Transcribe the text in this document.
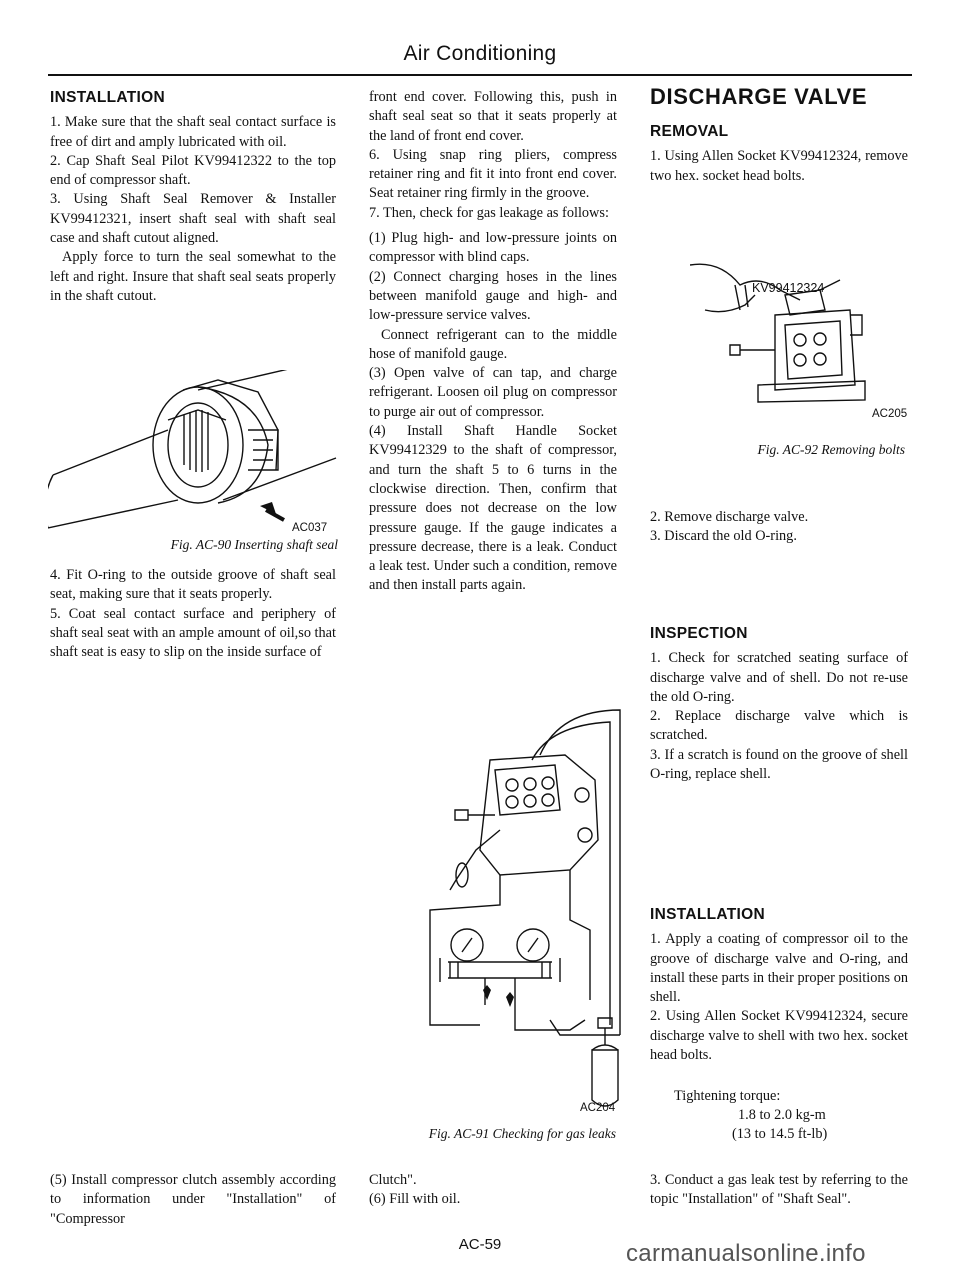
Air Conditioning

INSTALLATION

1. Make sure that the shaft seal contact surface is free of dirt and amply lubricated with oil.

2. Cap Shaft Seal Pilot KV99412322 to the top end of compressor shaft.

3. Using Shaft Seal Remover & Installer KV99412321, insert shaft seal with shaft seal case and shaft cutout aligned.

Apply force to turn the seal somewhat to the left and right. Insure that shaft seal seats properly in the shaft cutout.

AC037
Fig. AC-90 Inserting shaft seal

4. Fit O-ring to the outside groove of shaft seal seat, making sure that it seats properly.

5. Coat seal contact surface and periphery of shaft seal seat with an ample amount of oil,so that shaft seat is easy to slip on the inside surface of

(5) Install compressor clutch assembly according to information under "Installation" of "Compressor

front end cover. Following this, push in shaft seal seat so that it seats properly at the land of front end cover.

6. Using snap ring pliers, compress retainer ring and fit it into front end cover. Seat retainer ring firmly in the groove.

7. Then, check for gas leakage as follows:

(1) Plug high- and low-pressure joints on compressor with blind caps.

(2) Connect charging hoses in the lines between manifold gauge and high- and low-pressure service valves.

Connect refrigerant can to the middle hose of manifold gauge.

(3) Open valve of can tap, and charge refrigerant. Loosen oil plug on compressor to purge air out of compressor.

(4) Install Shaft Handle Socket KV99412329 to the shaft of compressor, and turn the shaft 5 to 6 turns in the clockwise direction. Then, confirm that pressure does not decrease on the low pressure gauge. If the gauge indicates a pressure decrease, there is a leak. Conduct a leak test. Under such a condition, remove and then install parts again.

AC204
Fig. AC-91 Checking for gas leaks

Clutch".

(6) Fill with oil.

DISCHARGE VALVE

REMOVAL

1. Using Allen Socket KV99412324, remove two hex. socket head bolts.

KV99412324
AC205
Fig. AC-92 Removing bolts

2. Remove discharge valve.

3. Discard the old O-ring.

INSPECTION

1. Check for scratched seating surface of discharge valve and of shell. Do not re-use the old O-ring.

2. Replace discharge valve which is scratched.

3. If a scratch is found on the groove of shell O-ring, replace shell.

INSTALLATION

1. Apply a coating of compressor oil to the groove of discharge valve and O-ring, and install these parts in their proper positions on shell.

2. Using Allen Socket KV99412324, secure discharge valve to shell with two hex. socket head bolts.

Tightening torque:
1.8 to 2.0 kg-m
(13 to 14.5 ft-lb)

3. Conduct a gas leak test by referring to the topic "Installation" of "Shaft Seal".

AC-59	carmanualsonline.info
